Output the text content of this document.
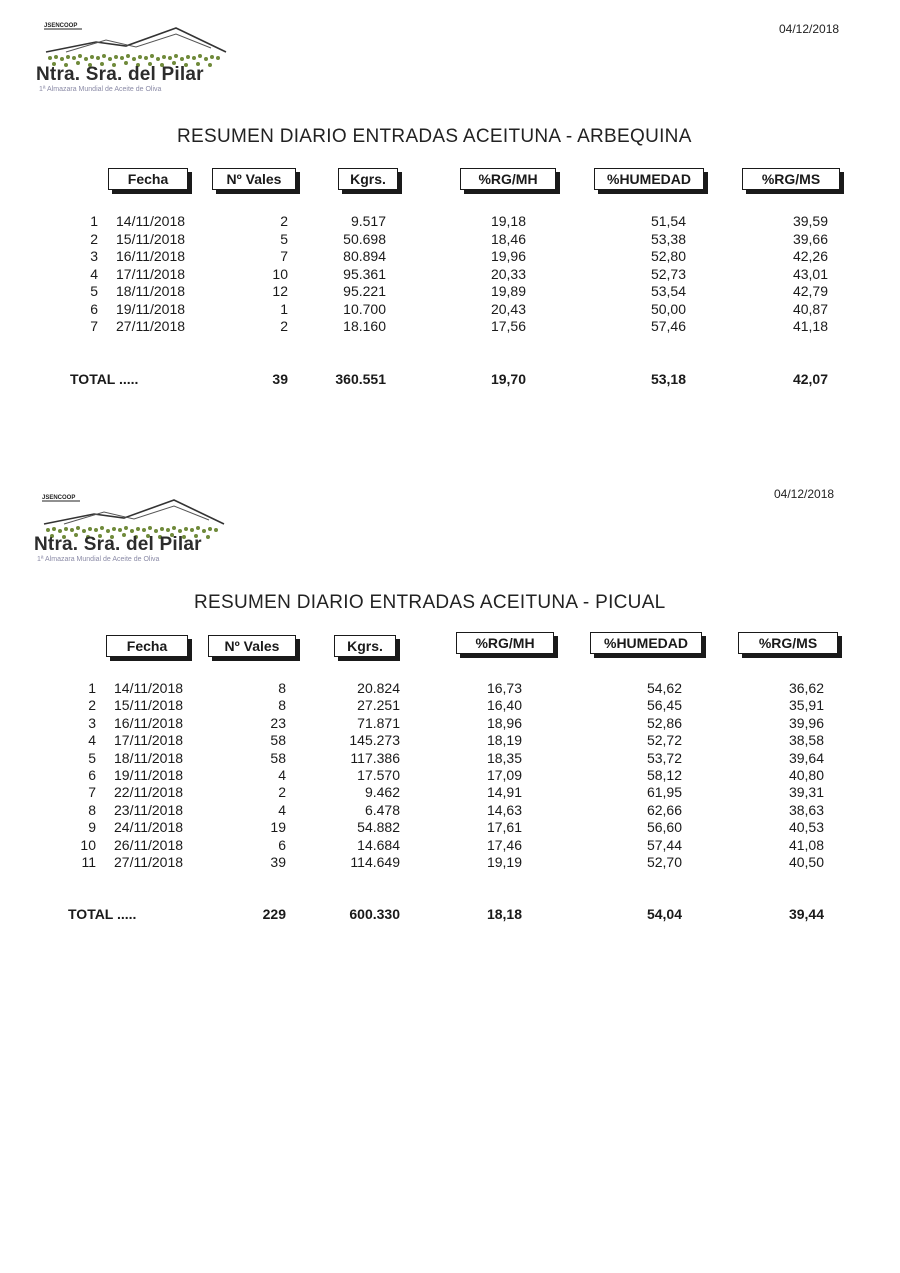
JSENCOOP
Ntra. Sra. del Pilar
1ª Almazara Mundial de Aceite de Oliva
04/12/2018
RESUMEN DIARIO ENTRADAS ACEITUNA - ARBEQUINA
Fecha	Nº Vales	Kgrs.	%RG/MH	%HUMEDAD	%RG/MS
1 14/11/2018	2	9.517	19,18	51,54	39,59
2 15/11/2018	5	50.698	18,46	53,38	39,66
3 16/11/2018	7	80.894	19,96	52,80	42,26
4 17/11/2018	10	95.361	20,33	52,73	43,01
5 18/11/2018	12	95.221	19,89	53,54	42,79
6 19/11/2018	1	10.700	20,43	50,00	40,87
7 27/11/2018	2	18.160	17,56	57,46	41,18
TOTAL .....	39	360.551	19,70	53,18	42,07
JSENCOOP
Ntra. Sra. del Pilar
1ª Almazara Mundial de Aceite de Oliva
04/12/2018
RESUMEN DIARIO ENTRADAS ACEITUNA - PICUAL
Fecha	Nº Vales	Kgrs.	%RG/MH	%HUMEDAD	%RG/MS
1 14/11/2018	8	20.824	16,73	54,62	36,62
2 15/11/2018	8	27.251	16,40	56,45	35,91
3 16/11/2018	23	71.871	18,96	52,86	39,96
4 17/11/2018	58	145.273	18,19	52,72	38,58
5 18/11/2018	58	117.386	18,35	53,72	39,64
6 19/11/2018	4	17.570	17,09	58,12	40,80
7 22/11/2018	2	9.462	14,91	61,95	39,31
8 23/11/2018	4	6.478	14,63	62,66	38,63
9 24/11/2018	19	54.882	17,61	56,60	40,53
10 26/11/2018	6	14.684	17,46	57,44	41,08
11 27/11/2018	39	114.649	19,19	52,70	40,50
TOTAL .....	229	600.330	18,18	54,04	39,44
